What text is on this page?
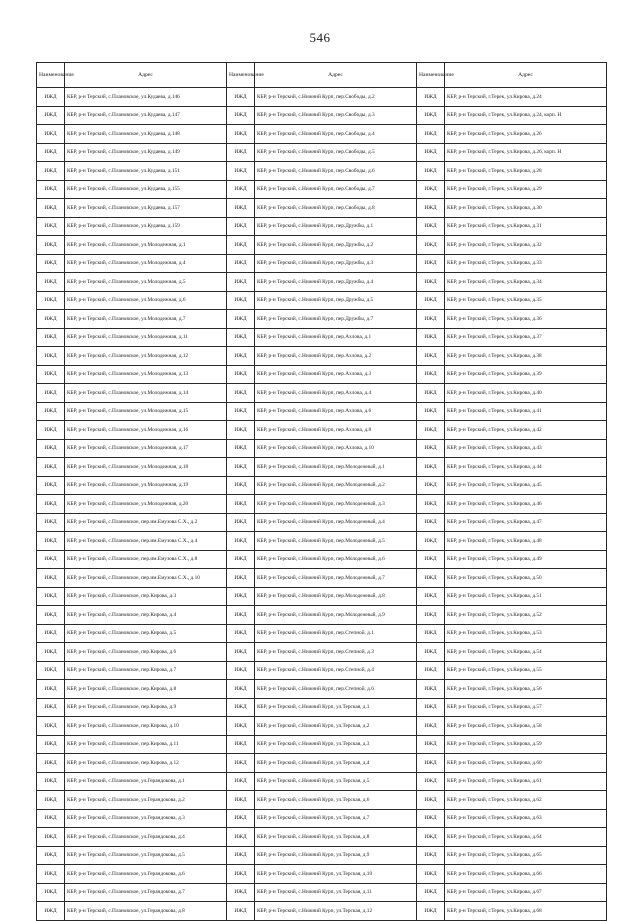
546
Наименование	Адрес	Наименование	Адрес	Наименование	Адрес
ИЖД	КБР, р-н Терский, с.Плановское, ул.Кудаева, д.146	ИЖД	КБР, р-н Терский, с.Нижний Курп, пер.Свободы, д.2	ИЖД	КБР, р-н Терский, г.Терек, ул.Кирова, д.24
ИЖД	КБР, р-н Терский, с.Плановское, ул.Кудаева, д.147	ИЖД	КБР, р-н Терский, с.Нижний Курп, пер.Свободы, д.3	ИЖД	КБР, р-н Терский, г.Терек, ул.Кирова, д.24, корп. Н
ИЖД	КБР, р-н Терский, с.Плановское, ул.Кудаева, д.148	ИЖД	КБР, р-н Терский, с.Нижний Курп, пер.Свободы, д.4	ИЖД	КБР, р-н Терский, г.Терек, ул.Кирова, д.26
ИЖД	КБР, р-н Терский, с.Плановское, ул.Кудаева, д.149	ИЖД	КБР, р-н Терский, с.Нижний Курп, пер.Свободы, д.5	ИЖД	КБР, р-н Терский, г.Терек, ул.Кирова, д.26, корп. Н
ИЖД	КБР, р-н Терский, с.Плановское, ул.Кудаева, д.151	ИЖД	КБР, р-н Терский, с.Нижний Курп, пер.Свободы, д.6	ИЖД	КБР, р-н Терский, г.Терек, ул.Кирова, д.28
ИЖД	КБР, р-н Терский, с.Плановское, ул.Кудаева, д.155	ИЖД	КБР, р-н Терский, с.Нижний Курп, пер.Свободы, д.7	ИЖД	КБР, р-н Терский, г.Терек, ул.Кирова, д.29
ИЖД	КБР, р-н Терский, с.Плановское, ул.Кудаева, д.157	ИЖД	КБР, р-н Терский, с.Нижний Курп, пер.Свободы, д.8	ИЖД	КБР, р-н Терский, г.Терек, ул.Кирова, д.30
ИЖД	КБР, р-н Терский, с.Плановское, ул.Кудаева, д.159	ИЖД	КБР, р-н Терский, с.Нижний Курп, пер.Дружбы, д.1	ИЖД	КБР, р-н Терский, г.Терек, ул.Кирова, д.31
ИЖД	КБР, р-н Терский, с.Плановское, ул.Молодежная, д.1	ИЖД	КБР, р-н Терский, с.Нижний Курп, пер.Дружбы, д.2	ИЖД	КБР, р-н Терский, г.Терек, ул.Кирова, д.32
ИЖД	КБР, р-н Терский, с.Плановское, ул.Молодежная, д.4	ИЖД	КБР, р-н Терский, с.Нижний Курп, пер.Дружбы, д.3	ИЖД	КБР, р-н Терский, г.Терек, ул.Кирова, д.33
ИЖД	КБР, р-н Терский, с.Плановское, ул.Молодежная, д.5	ИЖД	КБР, р-н Терский, с.Нижний Курп, пер.Дружбы, д.4	ИЖД	КБР, р-н Терский, г.Терек, ул.Кирова, д.34
ИЖД	КБР, р-н Терский, с.Плановское, ул.Молодежная, д.6	ИЖД	КБР, р-н Терский, с.Нижний Курп, пер.Дружбы, д.5	ИЖД	КБР, р-н Терский, г.Терек, ул.Кирова, д.35
ИЖД	КБР, р-н Терский, с.Плановское, ул.Молодежная, д.7	ИЖД	КБР, р-н Терский, с.Нижний Курп, пер.Дружбы, д.7	ИЖД	КБР, р-н Терский, г.Терек, ул.Кирова, д.36
ИЖД	КБР, р-н Терский, с.Плановское, ул.Молодежная, д.11	ИЖД	КБР, р-н Терский, с.Нижний Курп, пер.Ахлова, д.1	ИЖД	КБР, р-н Терский, г.Терек, ул.Кирова, д.37
ИЖД	КБР, р-н Терский, с.Плановское, ул.Молодежная, д.12	ИЖД	КБР, р-н Терский, с.Нижний Курп, пер.Ахлова, д.2	ИЖД	КБР, р-н Терский, г.Терек, ул.Кирова, д.38
ИЖД	КБР, р-н Терский, с.Плановское, ул.Молодежная, д.13	ИЖД	КБР, р-н Терский, с.Нижний Курп, пер.Ахлова, д.3	ИЖД	КБР, р-н Терский, г.Терек, ул.Кирова, д.39
ИЖД	КБР, р-н Терский, с.Плановское, ул.Молодежная, д.14	ИЖД	КБР, р-н Терский, с.Нижний Курп, пер.Ахлова, д.4	ИЖД	КБР, р-н Терский, г.Терек, ул.Кирова, д.40
ИЖД	КБР, р-н Терский, с.Плановское, ул.Молодежная, д.15	ИЖД	КБР, р-н Терский, с.Нижний Курп, пер.Ахлова, д.6	ИЖД	КБР, р-н Терский, г.Терек, ул.Кирова, д.41
ИЖД	КБР, р-н Терский, с.Плановское, ул.Молодежная, д.16	ИЖД	КБР, р-н Терский, с.Нижний Курп, пер.Ахлова, д.8	ИЖД	КБР, р-н Терский, г.Терек, ул.Кирова, д.42
ИЖД	КБР, р-н Терский, с.Плановское, ул.Молодежная, д.17	ИЖД	КБР, р-н Терский, с.Нижний Курп, пер.Ахлова, д.10	ИЖД	КБР, р-н Терский, г.Терек, ул.Кирова, д.43
ИЖД	КБР, р-н Терский, с.Плановское, ул.Молодежная, д.18	ИЖД	КБР, р-н Терский, с.Нижний Курп, пер.Молодежный, д.1	ИЖД	КБР, р-н Терский, г.Терек, ул.Кирова, д.44
ИЖД	КБР, р-н Терский, с.Плановское, ул.Молодежная, д.19	ИЖД	КБР, р-н Терский, с.Нижний Курп, пер.Молодежный, д.2	ИЖД	КБР, р-н Терский, г.Терек, ул.Кирова, д.45
ИЖД	КБР, р-н Терский, с.Плановское, ул.Молодежная, д.20	ИЖД	КБР, р-н Терский, с.Нижний Курп, пер.Молодежный, д.3	ИЖД	КБР, р-н Терский, г.Терек, ул.Кирова, д.46
ИЖД	КБР, р-н Терский, с.Плановское, пер.им.Емузова С.Х., д.2	ИЖД	КБР, р-н Терский, с.Нижний Курп, пер.Молодежный, д.4	ИЖД	КБР, р-н Терский, г.Терек, ул.Кирова, д.47
ИЖД	КБР, р-н Терский, с.Плановское, пер.им.Емузова С.Х., д.4	ИЖД	КБР, р-н Терский, с.Нижний Курп, пер.Молодежный, д.5	ИЖД	КБР, р-н Терский, г.Терек, ул.Кирова, д.48
ИЖД	КБР, р-н Терский, с.Плановское, пер.им.Емузова С.Х., д.8	ИЖД	КБР, р-н Терский, с.Нижний Курп, пер.Молодежный, д.6	ИЖД	КБР, р-н Терский, г.Терек, ул.Кирова, д.49
ИЖД	КБР, р-н Терский, с.Плановское, пер.им.Емузова С.Х., д.10	ИЖД	КБР, р-н Терский, с.Нижний Курп, пер.Молодежный, д.7	ИЖД	КБР, р-н Терский, г.Терек, ул.Кирова, д.50
ИЖД	КБР, р-н Терский, с.Плановское, пер.Кирова, д.3	ИЖД	КБР, р-н Терский, с.Нижний Курп, пер.Молодежный, д.8	ИЖД	КБР, р-н Терский, г.Терек, ул.Кирова, д.51
ИЖД	КБР, р-н Терский, с.Плановское, пер.Кирова, д.4	ИЖД	КБР, р-н Терский, с.Нижний Курп, пер.Молодежный, д.9	ИЖД	КБР, р-н Терский, г.Терек, ул.Кирова, д.52
ИЖД	КБР, р-н Терский, с.Плановское, пер.Кирова, д.5	ИЖД	КБР, р-н Терский, с.Нижний Курп, пер.Степной, д.1	ИЖД	КБР, р-н Терский, г.Терек, ул.Кирова, д.53
ИЖД	КБР, р-н Терский, с.Плановское, пер.Кирова, д.6	ИЖД	КБР, р-н Терский, с.Нижний Курп, пер.Степной, д.3	ИЖД	КБР, р-н Терский, г.Терек, ул.Кирова, д.54
ИЖД	КБР, р-н Терский, с.Плановское, пер.Кирова, д.7	ИЖД	КБР, р-н Терский, с.Нижний Курп, пер.Степной, д.4	ИЖД	КБР, р-н Терский, г.Терек, ул.Кирова, д.55
ИЖД	КБР, р-н Терский, с.Плановское, пер.Кирова, д.8	ИЖД	КБР, р-н Терский, с.Нижний Курп, пер.Степной, д.6	ИЖД	КБР, р-н Терский, г.Терек, ул.Кирова, д.56
ИЖД	КБР, р-н Терский, с.Плановское, пер.Кирова, д.9	ИЖД	КБР, р-н Терский, с.Нижний Курп, ул.Терская, д.1	ИЖД	КБР, р-н Терский, г.Терек, ул.Кирова, д.57
ИЖД	КБР, р-н Терский, с.Плановское, пер.Кирова, д.10	ИЖД	КБР, р-н Терский, с.Нижний Курп, ул.Терская, д.2	ИЖД	КБР, р-н Терский, г.Терек, ул.Кирова, д.58
ИЖД	КБР, р-н Терский, с.Плановское, пер.Кирова, д.11	ИЖД	КБР, р-н Терский, с.Нижний Курп, ул.Терская, д.3	ИЖД	КБР, р-н Терский, г.Терек, ул.Кирова, д.59
ИЖД	КБР, р-н Терский, с.Плановское, пер.Кирова, д.12	ИЖД	КБР, р-н Терский, с.Нижний Курп, ул.Терская, д.4	ИЖД	КБР, р-н Терский, г.Терек, ул.Кирова, д.60
ИЖД	КБР, р-н Терский, с.Плановское, ул.Герандокова, д.1	ИЖД	КБР, р-н Терский, с.Нижний Курп, ул.Терская, д.5	ИЖД	КБР, р-н Терский, г.Терек, ул.Кирова, д.61
ИЖД	КБР, р-н Терский, с.Плановское, ул.Герандокова, д.2	ИЖД	КБР, р-н Терский, с.Нижний Курп, ул.Терская, д.6	ИЖД	КБР, р-н Терский, г.Терек, ул.Кирова, д.62
ИЖД	КБР, р-н Терский, с.Плановское, ул.Герандокова, д.3	ИЖД	КБР, р-н Терский, с.Нижний Курп, ул.Терская, д.7	ИЖД	КБР, р-н Терский, г.Терек, ул.Кирова, д.63
ИЖД	КБР, р-н Терский, с.Плановское, ул.Герандокова, д.4	ИЖД	КБР, р-н Терский, с.Нижний Курп, ул.Терская, д.8	ИЖД	КБР, р-н Терский, г.Терек, ул.Кирова, д.64
ИЖД	КБР, р-н Терский, с.Плановское, ул.Герандокова, д.5	ИЖД	КБР, р-н Терский, с.Нижний Курп, ул.Терская, д.9	ИЖД	КБР, р-н Терский, г.Терек, ул.Кирова, д.65
ИЖД	КБР, р-н Терский, с.Плановское, ул.Герандокова, д.6	ИЖД	КБР, р-н Терский, с.Нижний Курп, ул.Терская, д.10	ИЖД	КБР, р-н Терский, г.Терек, ул.Кирова, д.66
ИЖД	КБР, р-н Терский, с.Плановское, ул.Герандокова, д.7	ИЖД	КБР, р-н Терский, с.Нижний Курп, ул.Терская, д.11	ИЖД	КБР, р-н Терский, г.Терек, ул.Кирова, д.67
ИЖД	КБР, р-н Терский, с.Плановское, ул.Герандокова, д.8	ИЖД	КБР, р-н Терский, с.Нижний Курп, ул.Терская, д.12	ИЖД	КБР, р-н Терский, г.Терек, ул.Кирова, д.68
